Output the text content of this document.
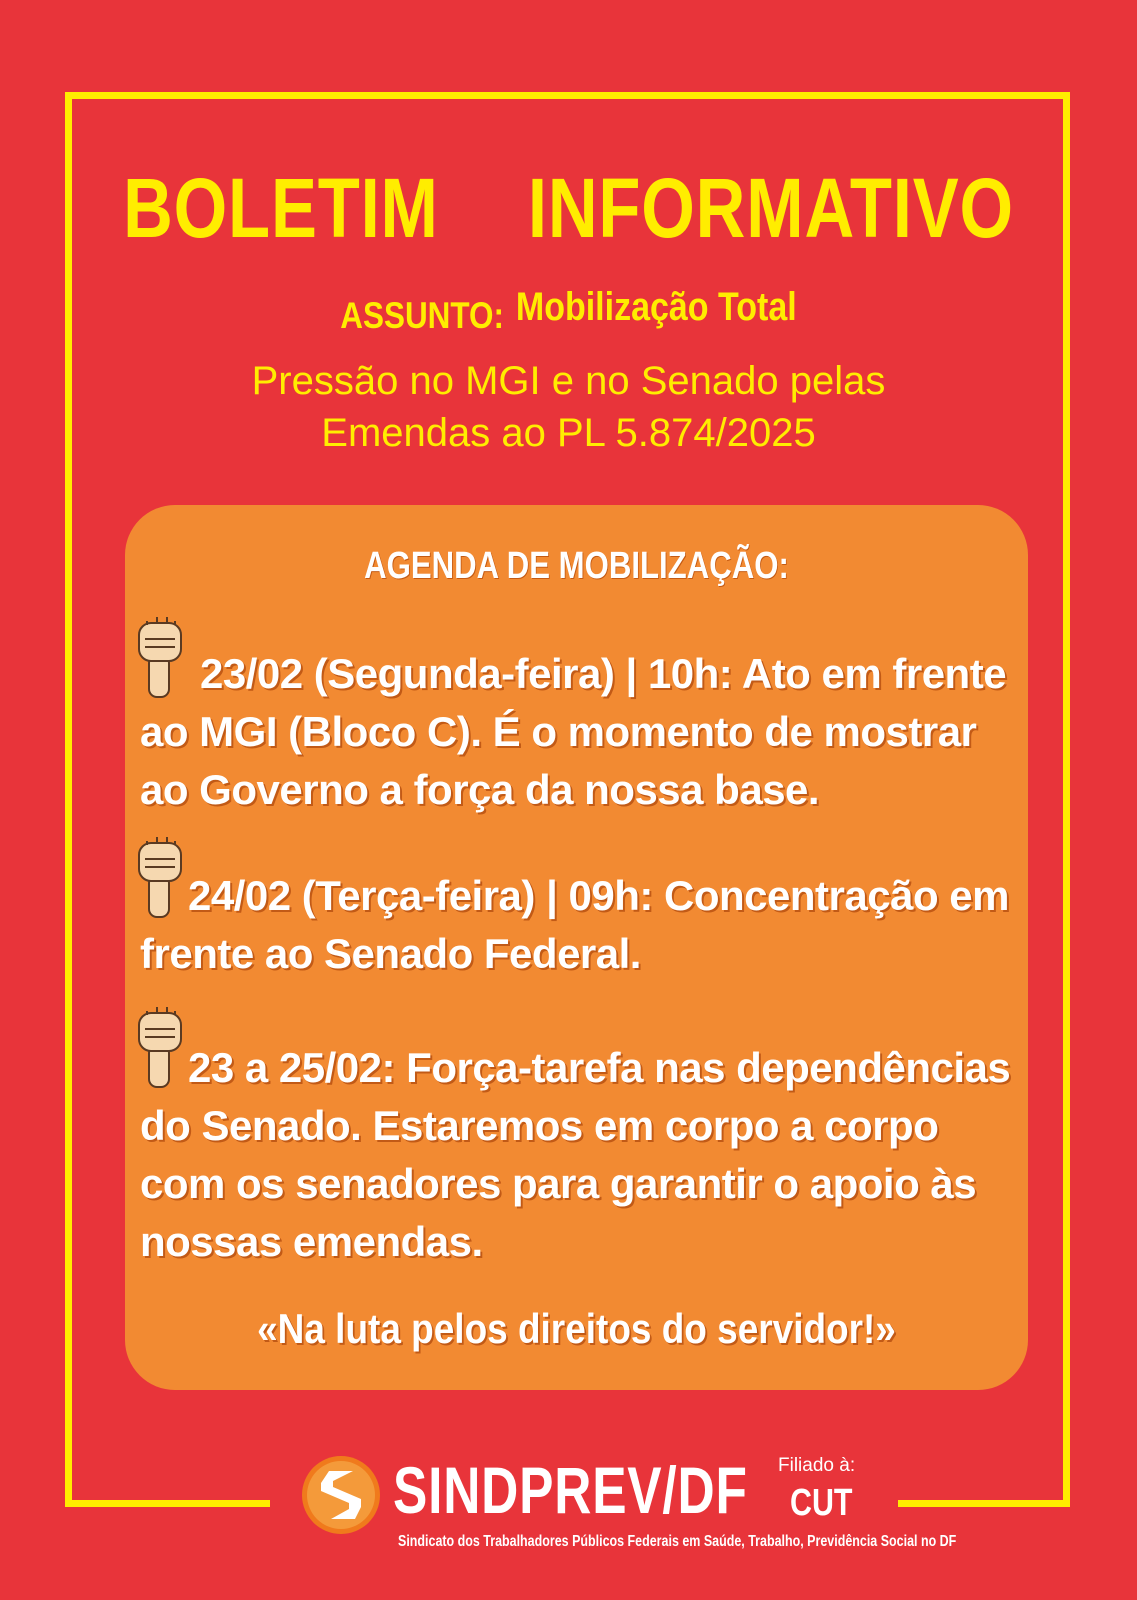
BOLETIM  INFORMATIVO
ASSUNTO: Mobilização Total
Pressão no MGI e no Senado pelas
Emendas ao PL 5.874/2025
AGENDA DE MOBILIZAÇÃO:
23/02 (Segunda-feira) | 10h: Ato em frente ao MGI (Bloco C). É o momento de mostrar ao Governo a força da nossa base.
24/02 (Terça-feira) | 09h: Concentração em frente ao Senado Federal.
23 a 25/02: Força-tarefa nas dependências do Senado. Estaremos em corpo a corpo com os senadores para garantir o apoio às nossas emendas.
«Na luta pelos direitos do servidor!»
SINDPREV/DF Filiado à:
CUT
Sindicato dos Trabalhadores Públicos Federais em Saúde, Trabalho, Previdência Social no DF
